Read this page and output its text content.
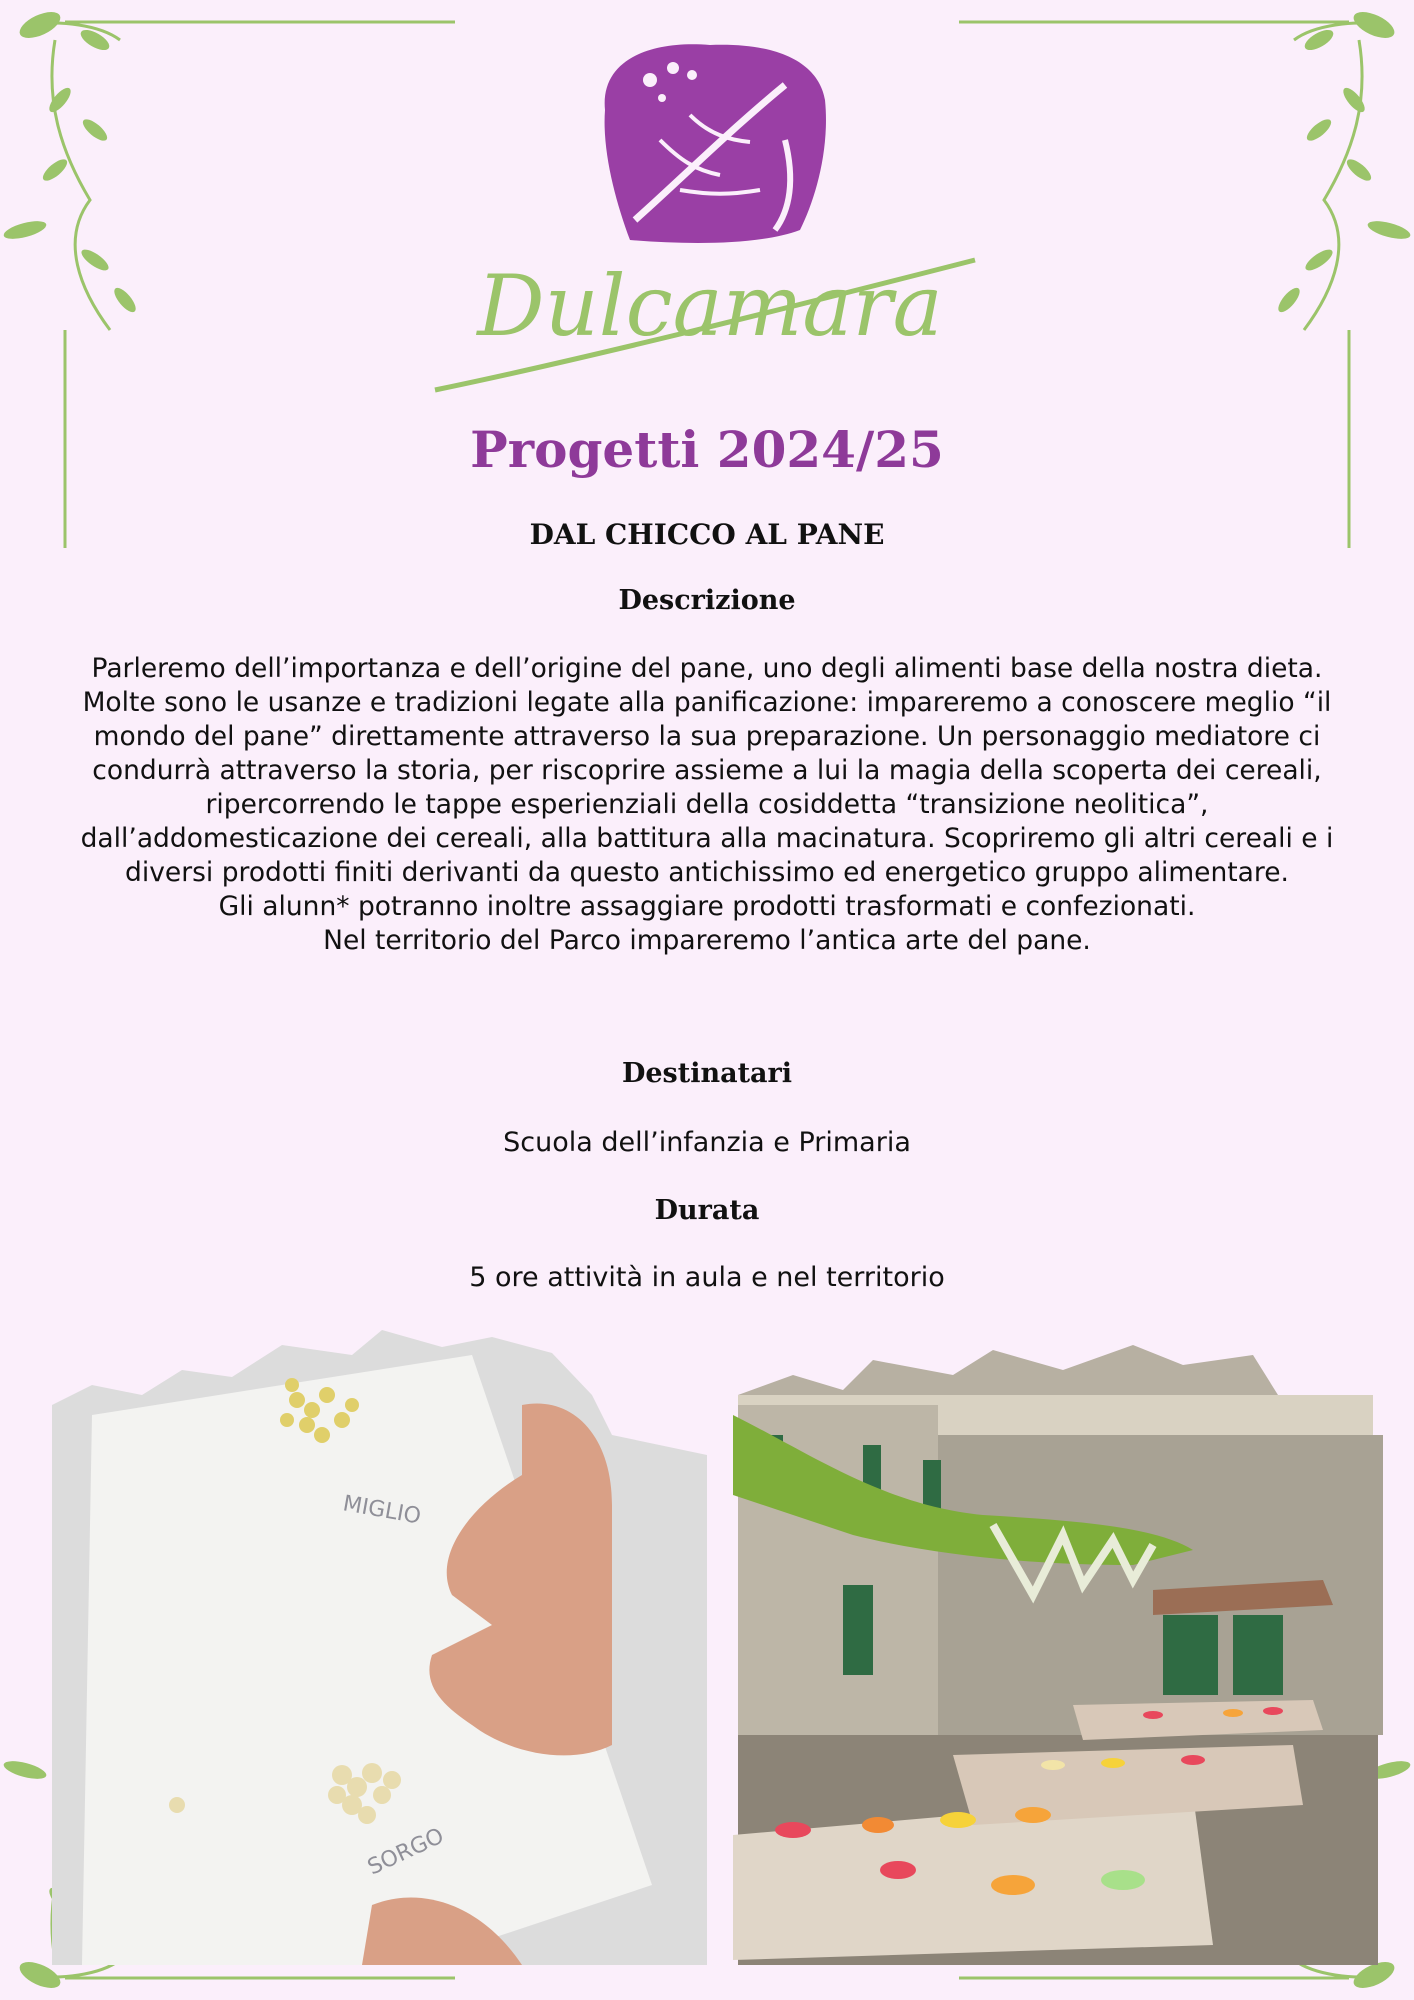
Dulcamara
Progetti 2024/25
DAL CHICCO AL PANE
Descrizione

Parleremo dell’importanza e dell’origine del pane, uno degli alimenti base della nostra dieta. Molte sono le usanze e tradizioni legate alla panificazione: impareremo a conoscere meglio “il mondo del pane” direttamente attraverso la sua preparazione. Un personaggio mediatore ci condurrà attraverso la storia, per riscoprire assieme a lui la magia della scoperta dei cereali, ripercorrendo le tappe esperienziali della cosiddetta “transizione neolitica”, dall’addomesticazione dei cereali, alla battitura alla macinatura. Scopriremo gli altri cereali e i diversi prodotti finiti derivanti da questo antichissimo ed energetico gruppo alimentare.

Gli alunn* potranno inoltre assaggiare prodotti trasformati e confezionati.

Nel territorio del Parco impareremo l’antica arte del pane.

Destinatari
Scuola dell’infanzia e Primaria
Durata
5 ore attività in aula e nel territorio
MIGLIO
SORGO
